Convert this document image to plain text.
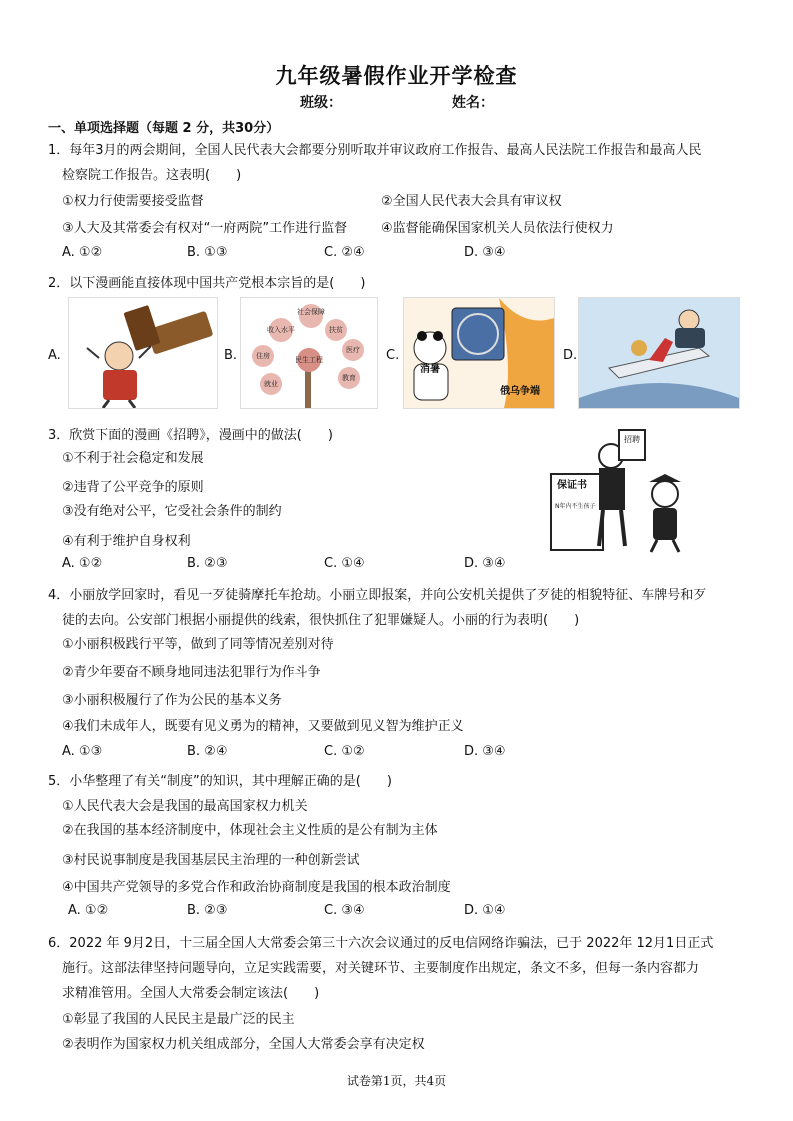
九年级暑假作业开学检查
班级：	姓名：
一、单项选择题（每题 2 分，共30分）
1．每年3月的两会期间，全国人民代表大会都要分别听取并审议政府工作报告、最高人民法院工作报告和最高人民
检察院工作报告。这表明(　　)
①权力行使需要接受监督	②全国人民代表大会具有审议权
③人大及其常委会有权对“一府两院”工作进行监督	④监督能确保国家机关人员依法行使权力
A. ①②	B. ①③	C. ②④	D. ③④
2．以下漫画能直接体现中国共产党根本宗旨的是(　　)
A.	B.	C.	D.
社会保障
收入水平	扶贫
住房	民生工程
医疗
就业
教育
消暑
俄乌争端
3．欣赏下面的漫画《招聘》，漫画中的做法(　　)
①不利于社会稳定和发展
②违背了公平竞争的原则
③没有绝对公平，它受社会条件的制约
④有利于维护自身权利
A. ①②	B. ②③	C. ①④	D. ③④
招聘
保证书
N年内不生孩子
4．小丽放学回家时，看见一歹徒骑摩托车抢劫。小丽立即报案，并向公安机关提供了歹徒的相貌特征、车牌号和歹
徒的去向。公安部门根据小丽提供的线索，很快抓住了犯罪嫌疑人。小丽的行为表明(　　)
①小丽积极践行平等，做到了同等情况差别对待
②青少年要奋不顾身地同违法犯罪行为作斗争
③小丽积极履行了作为公民的基本义务
④我们未成年人，既要有见义勇为的精神，又要做到见义智为维护正义
A. ①③	B. ②④	C. ①②	D. ③④
5．小华整理了有关“制度”的知识，其中理解正确的是(　　)
①人民代表大会是我国的最高国家权力机关
②在我国的基本经济制度中，体现社会主义性质的是公有制为主体
③村民说事制度是我国基层民主治理的一种创新尝试
④中国共产党领导的多党合作和政治协商制度是我国的根本政治制度
A. ①②	B. ②③	C. ③④	D. ①④
6．2022 年 9月2日，十三届全国人大常委会第三十六次会议通过的反电信网络诈骗法，已于 2022年 12月1日正式
施行。这部法律坚持问题导向，立足实践需要，对关键环节、主要制度作出规定，条文不多，但每一条内容都力
求精准管用。全国人大常委会制定该法(　　)
①彰显了我国的人民民主是最广泛的民主
②表明作为国家权力机关组成部分，全国人大常委会享有决定权
试卷第1页，共4页
